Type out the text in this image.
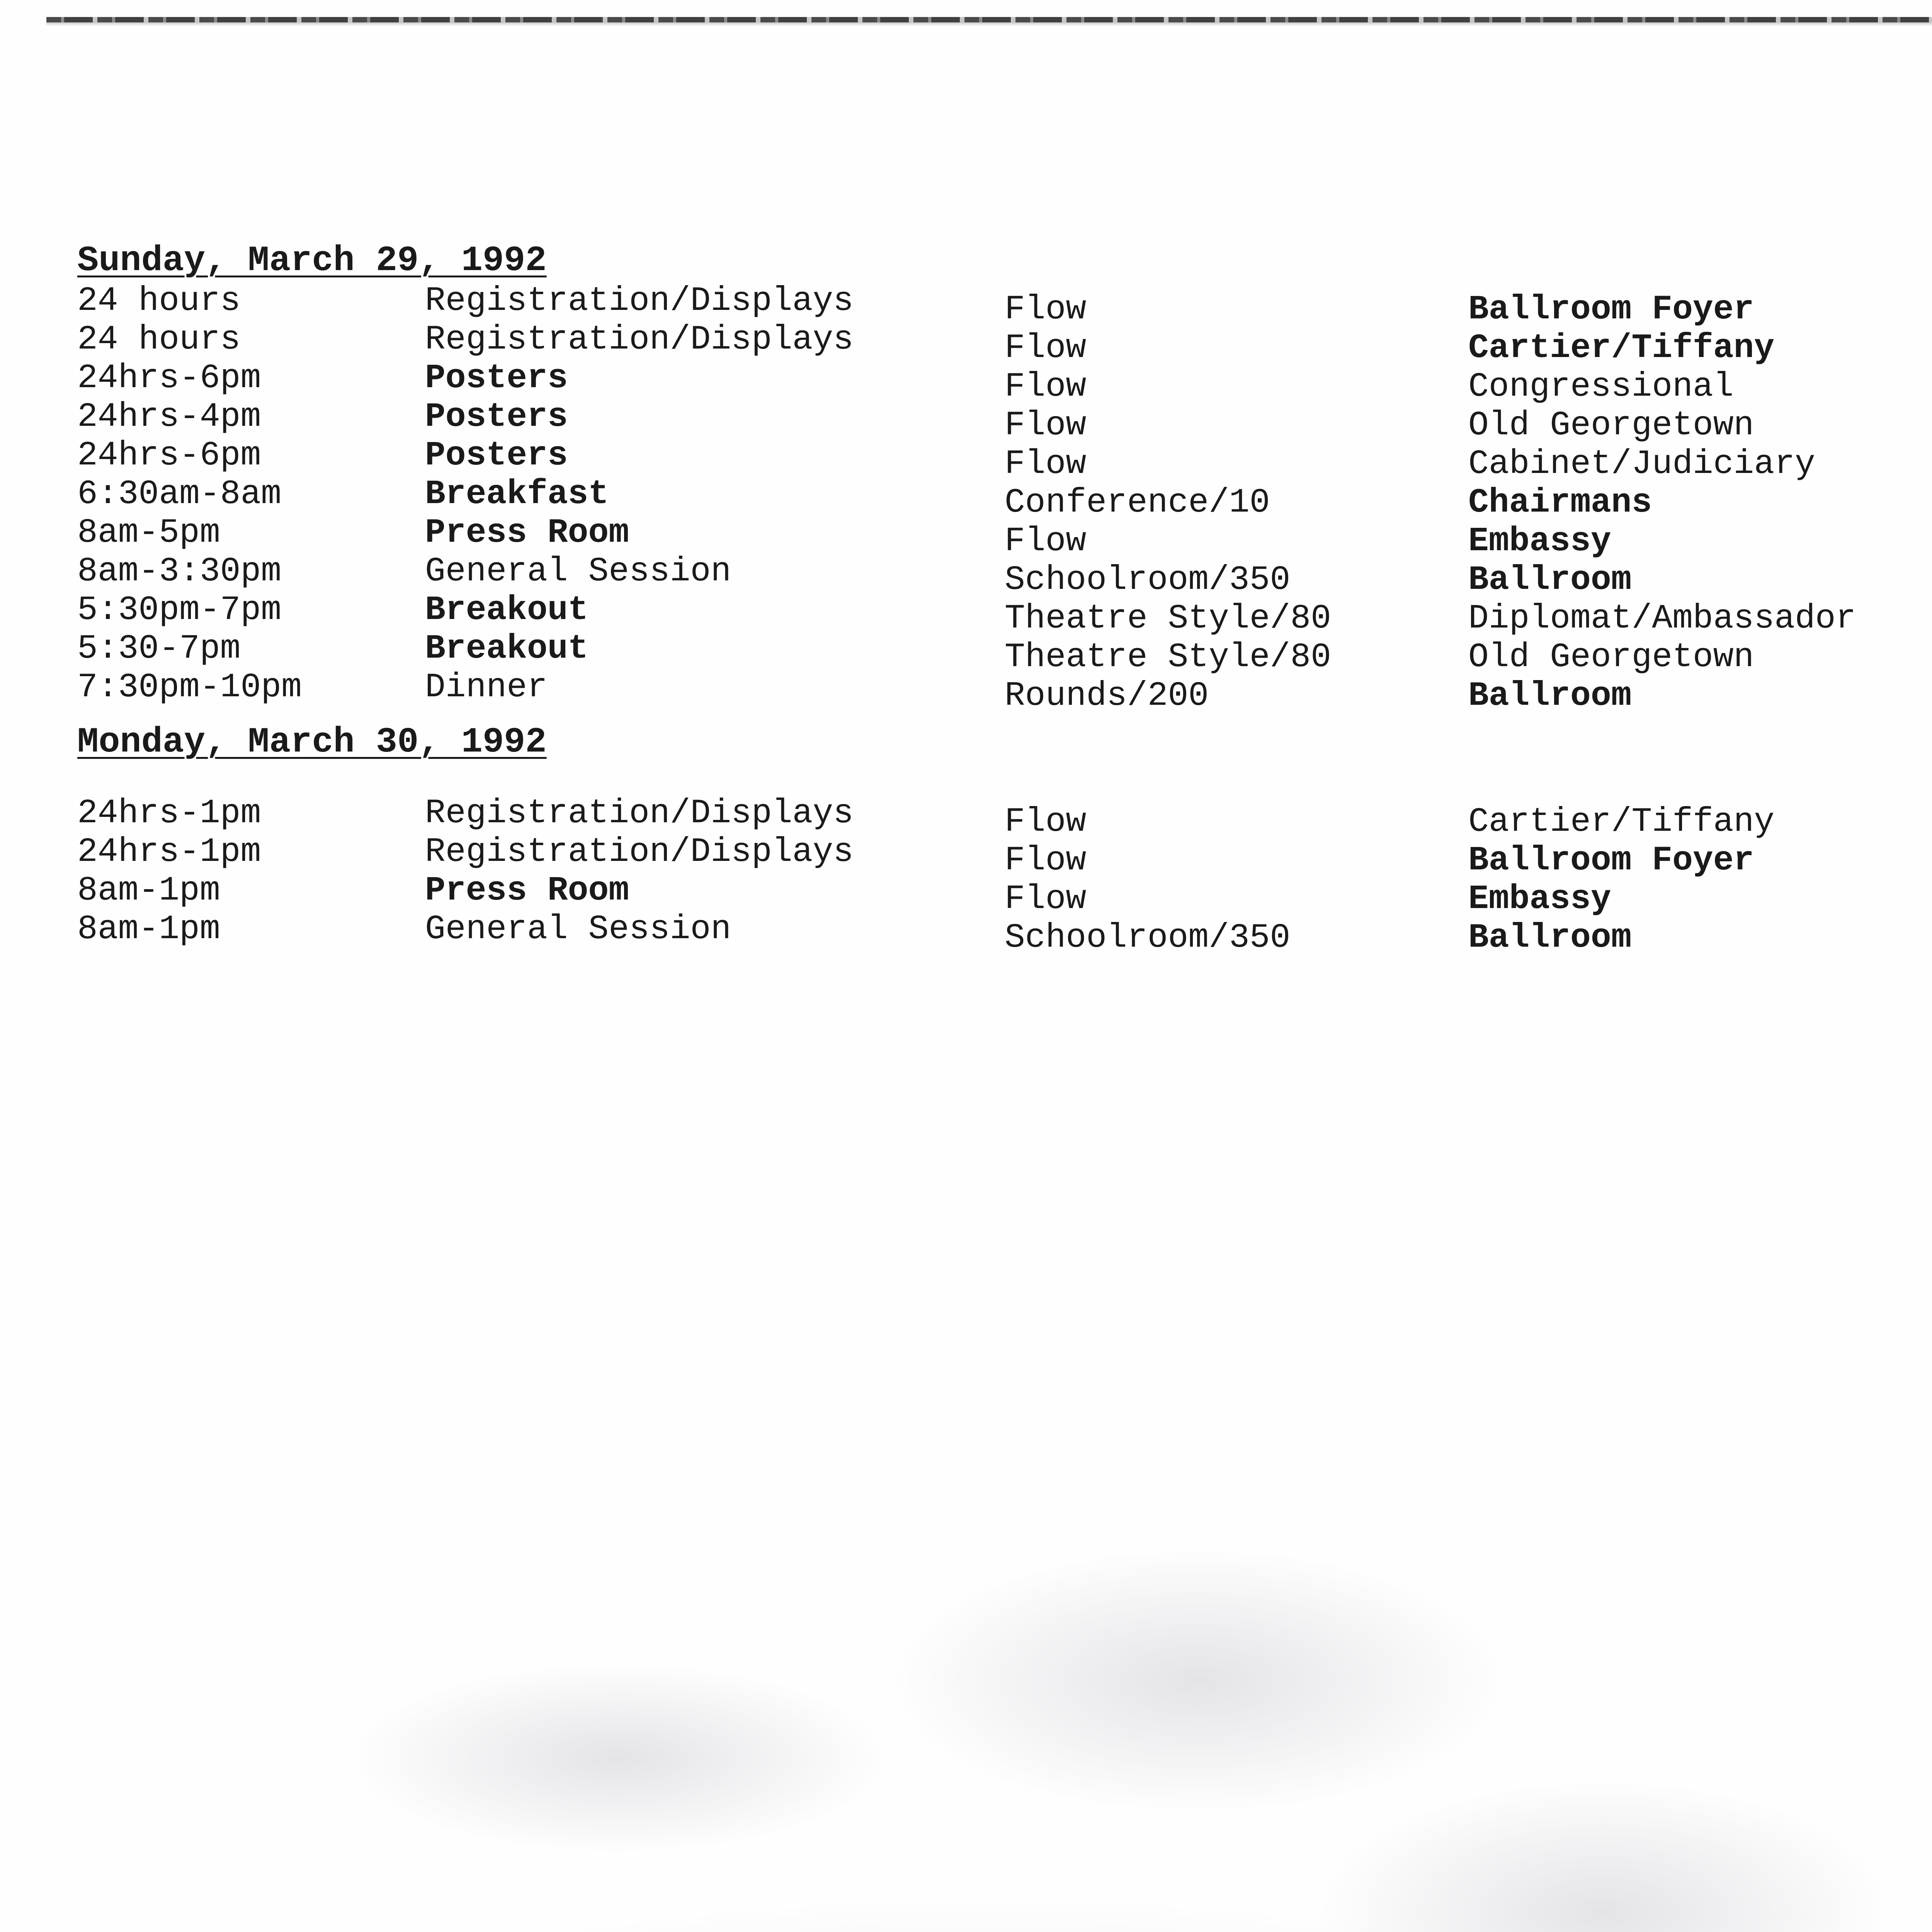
Sunday, March 29, 1992
24 hours	Registration/Displays	Flow	Ballroom Foyer
24 hours	Registration/Displays	Flow	Cartier/Tiffany
24hrs-6pm	Posters	Flow	Congressional
24hrs-4pm	Posters	Flow	Old Georgetown
24hrs-6pm	Posters	Flow	Cabinet/Judiciary
6:30am-8am	Breakfast	Conference/10	Chairmans
8am-5pm	Press Room	Flow	Embassy
8am-3:30pm	General Session	Schoolroom/350	Ballroom
5:30pm-7pm	Breakout	Theatre Style/80	Diplomat/Ambassador
5:30-7pm	Breakout	Theatre Style/80	Old Georgetown
7:30pm-10pm	Dinner	Rounds/200	Ballroom
Monday, March 30, 1992
24hrs-1pm	Registration/Displays	Flow	Cartier/Tiffany
24hrs-1pm	Registration/Displays	Flow	Ballroom Foyer
8am-1pm	Press Room	Flow	Embassy
8am-1pm	General Session	Schoolroom/350	Ballroom
